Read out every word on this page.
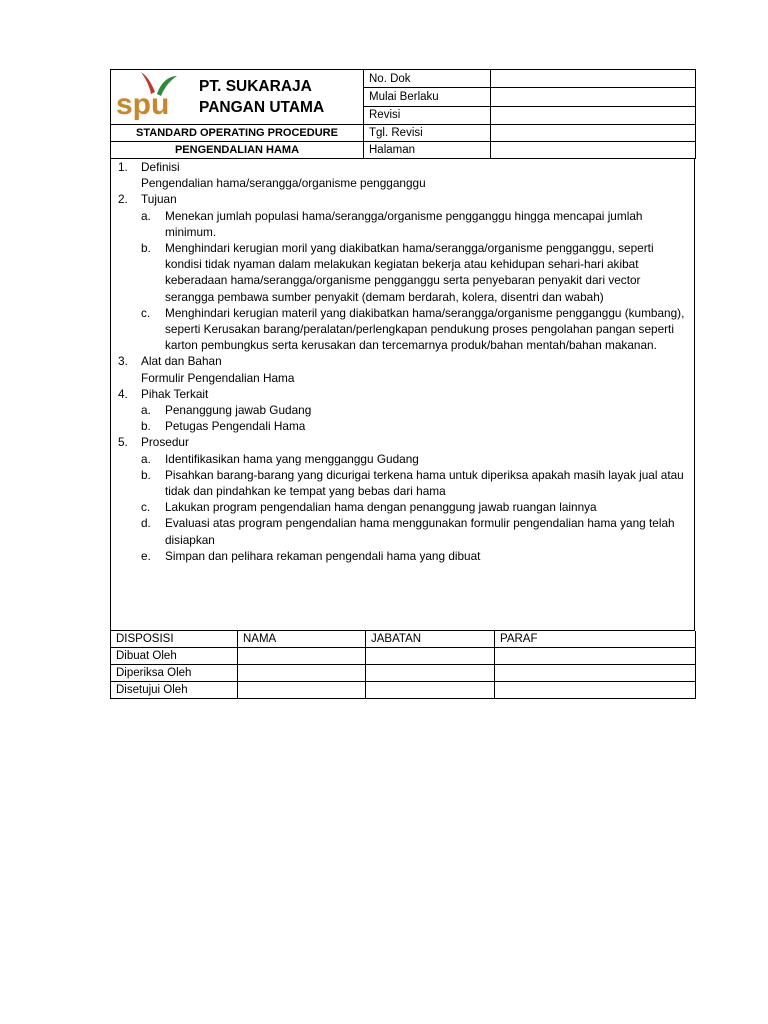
spu
PT. SUKARAJA
PANGAN UTAMA	No. Dok	
	Mulai Berlaku	
	Revisi	
STANDARD OPERATING PROCEDURE	Tgl. Revisi	
PENGENDALIAN HAMA	Halaman	
1.	Definisi
Pengendalian hama/serangga/organisme pengganggu
2.	Tujuan
a.	Menekan jumlah populasi hama/serangga/organisme pengganggu hingga mencapai jumlah minimum.
b.	Menghindari kerugian moril yang diakibatkan hama/serangga/organisme pengganggu, seperti kondisi tidak nyaman dalam melakukan kegiatan bekerja atau kehidupan sehari-hari akibat keberadaan hama/serangga/organisme pengganggu serta penyebaran penyakit dari vector serangga pembawa sumber penyakit (demam berdarah, kolera, disentri dan wabah)
c.	Menghindari kerugian materil yang diakibatkan hama/serangga/organisme pengganggu (kumbang), seperti Kerusakan barang/peralatan/perlengkapan pendukung proses pengolahan pangan seperti karton pembungkus serta kerusakan dan tercemarnya produk/bahan mentah/bahan makanan.
3.	Alat dan Bahan
Formulir Pengendalian Hama
4.	Pihak Terkait
a.	Penanggung jawab Gudang
b.	Petugas Pengendali Hama
5.	Prosedur
a.	Identifikasikan hama yang mengganggu Gudang
b.	Pisahkan barang-barang yang dicurigai terkena hama untuk diperiksa apakah masih layak jual atau tidak dan pindahkan ke tempat yang bebas dari hama
c.	Lakukan program pengendalian hama dengan penanggung jawab ruangan lainnya
d.	Evaluasi atas program pengendalian hama menggunakan formulir pengendalian hama yang telah disiapkan
e.	Simpan dan pelihara rekaman pengendali hama yang dibuat
DISPOSISI	NAMA	JABATAN	PARAF
Dibuat Oleh			
Diperiksa Oleh			
Disetujui Oleh			
